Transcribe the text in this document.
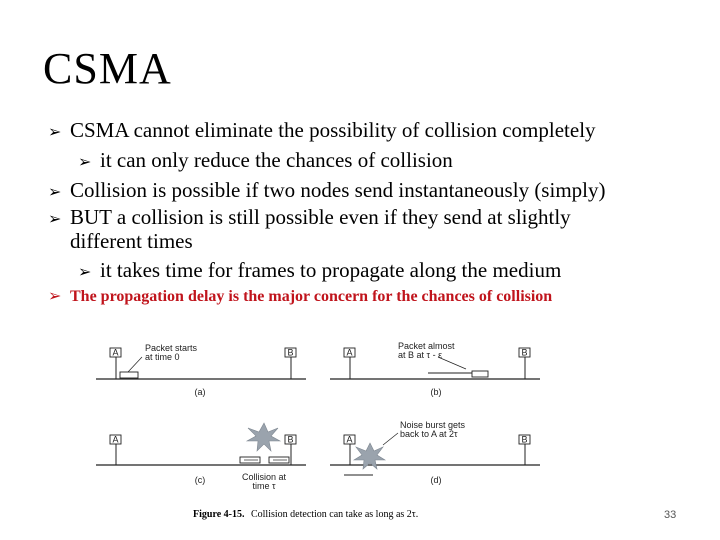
CSMA
➢ CSMA cannot eliminate the possibility of collision completely
➢ it can only reduce the chances of collision
➢ Collision is possible if two nodes send instantaneously (simply)
➢ BUT a collision is still possible even if they send at slightly
different times
➢ it takes time for frames to propagate along the medium
➢ The propagation delay is the major concern for the chances of collision
A	B
Packet starts
at time 0
(a)
A	B
Packet almost
at B at τ - ε
(b)
A	B
Collision at
time τ
(c)
A	B
Noise burst gets
back to A at 2τ
(d)
Figure 4-15. Collision detection can take as long as 2τ.	33
